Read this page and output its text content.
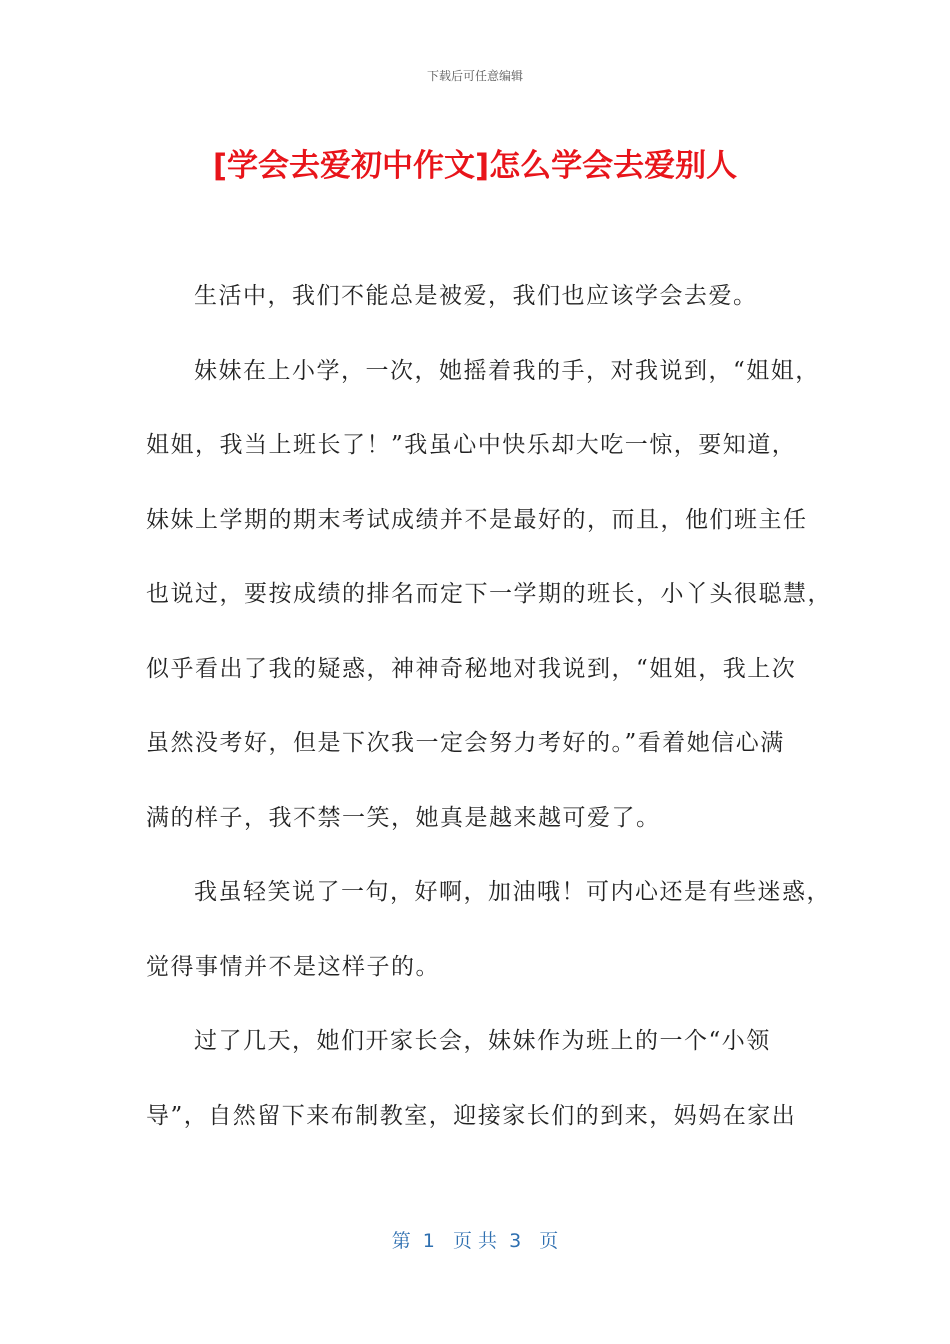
下载后可任意编辑
[学会去爱初中作文]怎么学会去爱别人
生活中，我们不能总是被爱，我们也应该学会去爱。
妹妹在上小学，一次，她摇着我的手，对我说到，“姐姐，
姐姐，我当上班长了！”我虽心中快乐却大吃一惊，要知道，
妹妹上学期的期末考试成绩并不是最好的，而且，他们班主任
也说过，要按成绩的排名而定下一学期的班长，小丫头很聪慧，
似乎看出了我的疑惑，神神奇秘地对我说到，“姐姐，我上次
虽然没考好，但是下次我一定会努力考好的。”看着她信心满
满的样子，我不禁一笑，她真是越来越可爱了。
我虽轻笑说了一句，好啊，加油哦！可内心还是有些迷惑，
觉得事情并不是这样子的。
过了几天，她们开家长会，妹妹作为班上的一个“小领
导”，自然留下来布制教室，迎接家长们的到来，妈妈在家出
第  1   页 共  3   页
